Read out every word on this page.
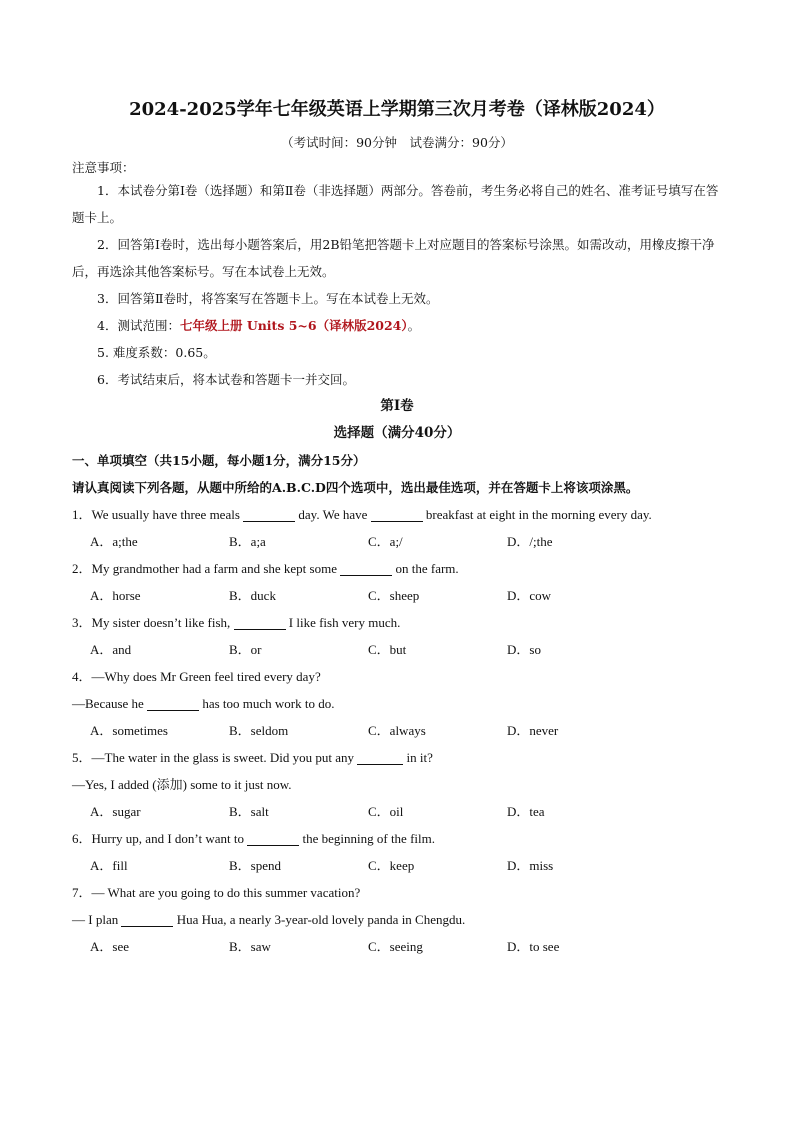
2024-2025学年七年级英语上学期第三次月考卷（译林版2024）
（考试时间：90分钟　试卷满分：90分）
注意事项：

1．本试卷分第Ⅰ卷（选择题）和第Ⅱ卷（非选择题）两部分。答卷前，考生务必将自己的姓名、准考证号填写在答题卡上。

2．回答第Ⅰ卷时，选出每小题答案后，用2B铅笔把答题卡上对应题目的答案标号涂黑。如需改动，用橡皮擦干净后，再选涂其他答案标号。写在本试卷上无效。

3．回答第Ⅱ卷时，将答案写在答题卡上。写在本试卷上无效。

4．测试范围：七年级上册 Units 5~6（译林版2024）。

5. 难度系数：0.65。

6．考试结束后，将本试卷和答题卡一并交回。

第Ⅰ卷
选择题（满分40分）
一、单项填空（共15小题，每小题1分，满分15分）
请认真阅读下列各题，从题中所给的A.B.C.D四个选项中，选出最佳选项，并在答题卡上将该项涂黑。

1．We usually have three meals	day. We have	breakfast at eight in the morning every day.

A．a;the	B．a;a	C．a;/	D．/;the

2．My grandmother had a farm and she kept some	on the farm.

A．horse	B．duck	C．sheep	D．cow

3．My sister doesn’t like fish,	I like fish very much.

A．and	B．or	C．but	D．so

4．—Why does Mr Green feel tired every day?

—Because he	has too much work to do.

A．sometimes	B．seldom	C．always	D．never

5．—The water in the glass is sweet. Did you put any	in it?

—Yes, I added (添加) some to it just now.

A．sugar	B．salt	C．oil	D．tea

6．Hurry up, and I don’t want to	the beginning of the film.

A．fill	B．spend	C．keep	D．miss

7．— What are you going to do this summer vacation?

— I plan	Hua Hua, a nearly 3-year-old lovely panda in Chengdu.

A．see	B．saw	C．seeing	D．to see
